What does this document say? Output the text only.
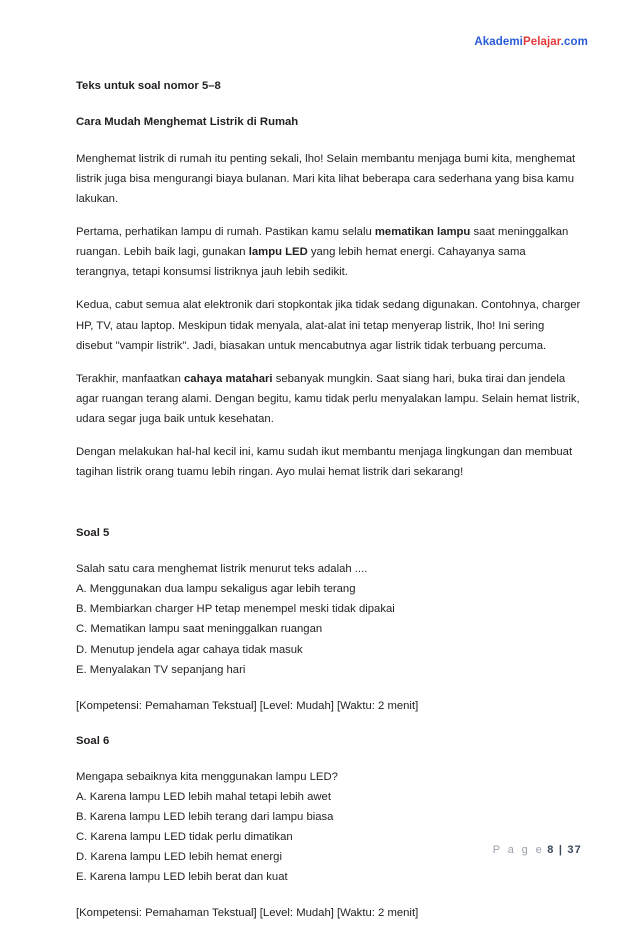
AkademiPelajar.com
Teks untuk soal nomor 5–8
Cara Mudah Menghemat Listrik di Rumah

Menghemat listrik di rumah itu penting sekali, lho! Selain membantu menjaga bumi kita, menghemat listrik juga bisa mengurangi biaya bulanan. Mari kita lihat beberapa cara sederhana yang bisa kamu lakukan.

Pertama, perhatikan lampu di rumah. Pastikan kamu selalu mematikan lampu saat meninggalkan ruangan. Lebih baik lagi, gunakan lampu LED yang lebih hemat energi. Cahayanya sama terangnya, tetapi konsumsi listriknya jauh lebih sedikit.

Kedua, cabut semua alat elektronik dari stopkontak jika tidak sedang digunakan. Contohnya, charger HP, TV, atau laptop. Meskipun tidak menyala, alat-alat ini tetap menyerap listrik, lho! Ini sering disebut "vampir listrik". Jadi, biasakan untuk mencabutnya agar listrik tidak terbuang percuma.

Terakhir, manfaatkan cahaya matahari sebanyak mungkin. Saat siang hari, buka tirai dan jendela agar ruangan terang alami. Dengan begitu, kamu tidak perlu menyalakan lampu. Selain hemat listrik, udara segar juga baik untuk kesehatan.

Dengan melakukan hal-hal kecil ini, kamu sudah ikut membantu menjaga lingkungan dan membuat tagihan listrik orang tuamu lebih ringan. Ayo mulai hemat listrik dari sekarang!

Soal 5
Salah satu cara menghemat listrik menurut teks adalah ....
A. Menggunakan dua lampu sekaligus agar lebih terang
B. Membiarkan charger HP tetap menempel meski tidak dipakai
C. Mematikan lampu saat meninggalkan ruangan
D. Menutup jendela agar cahaya tidak masuk
E. Menyalakan TV sepanjang hari
[Kompetensi: Pemahaman Tekstual] [Level: Mudah] [Waktu: 2 menit]
Soal 6
Mengapa sebaiknya kita menggunakan lampu LED?
A. Karena lampu LED lebih mahal tetapi lebih awet
B. Karena lampu LED lebih terang dari lampu biasa
C. Karena lampu LED tidak perlu dimatikan
D. Karena lampu LED lebih hemat energi
E. Karena lampu LED lebih berat dan kuat
[Kompetensi: Pemahaman Tekstual] [Level: Mudah] [Waktu: 2 menit]
P a g e 8 | 37
